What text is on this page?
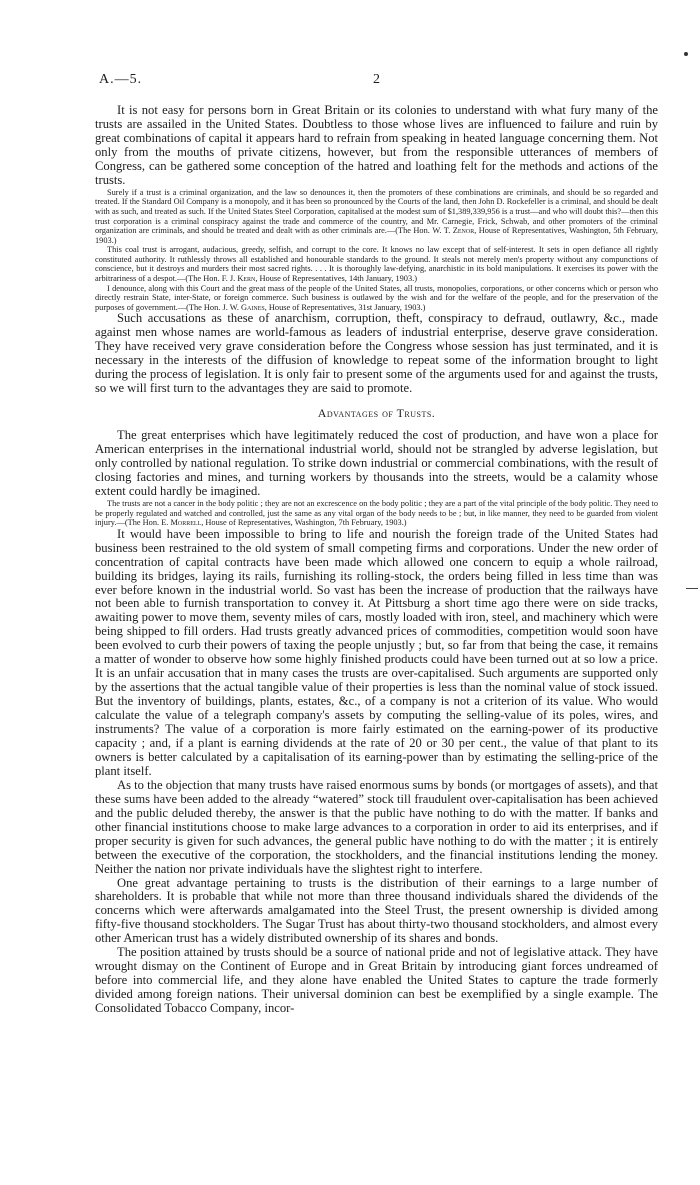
A.—5.	2

It is not easy for persons born in Great Britain or its colonies to understand with what fury many of the trusts are assailed in the United States. Doubtless to those whose lives are influenced to failure and ruin by great combinations of capital it appears hard to refrain from speaking in heated language concerning them. Not only from the mouths of private citizens, however, but from the responsible utterances of members of Congress, can be gathered some conception of the hatred and loathing felt for the methods and actions of the trusts.

Surely if a trust is a criminal organization, and the law so denounces it, then the promoters of these combinations are criminals, and should be so regarded and treated. If the Standard Oil Company is a monopoly, and it has been so pronounced by the Courts of the land, then John D. Rockefeller is a criminal, and should be dealt with as such, and treated as such. If the United States Steel Corporation, capitalised at the modest sum of $1,389,339,956 is a trust—and who will doubt this?—then this trust corporation is a criminal conspiracy against the trade and commerce of the country, and Mr. Carnegie, Frick, Schwab, and other promoters of the criminal organization are criminals, and should be treated and dealt with as other criminals are.—(The Hon. W. T. Zenor, House of Representatives, Washington, 5th February, 1903.)

This coal trust is arrogant, audacious, greedy, selfish, and corrupt to the core. It knows no law except that of self-interest. It sets in open defiance all rightly constituted authority. It ruthlessly throws all established and honourable standards to the ground. It steals not merely men's property without any compunctions of conscience, but it destroys and murders their most sacred rights. . . . It is thoroughly law-defying, anarchistic in its bold manipulations. It exercises its power with the arbitrariness of a despot.—(The Hon. F. J. Kern, House of Representatives, 14th January, 1903.)

I denounce, along with this Court and the great mass of the people of the United States, all trusts, monopolies, corporations, or other concerns which or person who directly restrain State, inter-State, or foreign commerce. Such business is outlawed by the wish and for the welfare of the people, and for the preservation of the purposes of government.—(The Hon. J. W. Gaines, House of Representatives, 31st January, 1903.)

Such accusations as these of anarchism, corruption, theft, conspiracy to defraud, outlawry, &c., made against men whose names are world-famous as leaders of industrial enterprise, deserve grave consideration. They have received very grave consideration before the Congress whose session has just terminated, and it is necessary in the interests of the diffusion of knowledge to repeat some of the information brought to light during the process of legislation. It is only fair to present some of the arguments used for and against the trusts, so we will first turn to the advantages they are said to promote.

Advantages of Trusts.

The great enterprises which have legitimately reduced the cost of production, and have won a place for American enterprises in the international industrial world, should not be strangled by adverse legislation, but only controlled by national regulation. To strike down industrial or commercial combinations, with the result of closing factories and mines, and turning workers by thousands into the streets, would be a calamity whose extent could hardly be imagined.

The trusts are not a cancer in the body politic ; they are not an excrescence on the body politic ; they are a part of the vital principle of the body politic. They need to be properly regulated and watched and controlled, just the same as any vital organ of the body needs to be ; but, in like manner, they need to be guarded from violent injury.—(The Hon. E. Morrell, House of Representatives, Washington, 7th February, 1903.)

It would have been impossible to bring to life and nourish the foreign trade of the United States had business been restrained to the old system of small competing firms and corporations. Under the new order of concentration of capital contracts have been made which allowed one concern to equip a whole railroad, building its bridges, laying its rails, furnishing its rolling-stock, the orders being filled in less time than was ever before known in the industrial world. So vast has been the increase of production that the railways have not been able to furnish transportation to convey it. At Pittsburg a short time ago there were on side tracks, awaiting power to move them, seventy miles of cars, mostly loaded with iron, steel, and machinery which were being shipped to fill orders. Had trusts greatly advanced prices of commodities, competition would soon have been evolved to curb their powers of taxing the people unjustly ; but, so far from that being the case, it remains a matter of wonder to observe how some highly finished products could have been turned out at so low a price. It is an unfair accusation that in many cases the trusts are over-capitalised. Such arguments are supported only by the assertions that the actual tangible value of their properties is less than the nominal value of stock issued. But the inventory of buildings, plants, estates, &c., of a company is not a criterion of its value. Who would calculate the value of a telegraph company's assets by computing the selling-value of its poles, wires, and instruments? The value of a corporation is more fairly estimated on the earning-power of its productive capacity ; and, if a plant is earning dividends at the rate of 20 or 30 per cent., the value of that plant to its owners is better calculated by a capitalisation of its earning-power than by estimating the selling-price of the plant itself.

As to the objection that many trusts have raised enormous sums by bonds (or mortgages of assets), and that these sums have been added to the already “watered” stock till fraudulent over-capitalisation has been achieved and the public deluded thereby, the answer is that the public have nothing to do with the matter. If banks and other financial institutions choose to make large advances to a corporation in order to aid its enterprises, and if proper security is given for such advances, the general public have nothing to do with the matter ; it is entirely between the executive of the corporation, the stockholders, and the financial institutions lending the money. Neither the nation nor private individuals have the slightest right to interfere.

One great advantage pertaining to trusts is the distribution of their earnings to a large number of shareholders. It is probable that while not more than three thousand individuals shared the dividends of the concerns which were afterwards amalgamated into the Steel Trust, the present ownership is divided among fifty-five thousand stockholders. The Sugar Trust has about thirty-two thousand stockholders, and almost every other American trust has a widely distributed ownership of its shares and bonds.

The position attained by trusts should be a source of national pride and not of legislative attack. They have wrought dismay on the Continent of Europe and in Great Britain by introducing giant forces undreamed of before into commercial life, and they alone have enabled the United States to capture the trade formerly divided among foreign nations. Their universal dominion can best be exemplified by a single example. The Consolidated Tobacco Company, incor-
